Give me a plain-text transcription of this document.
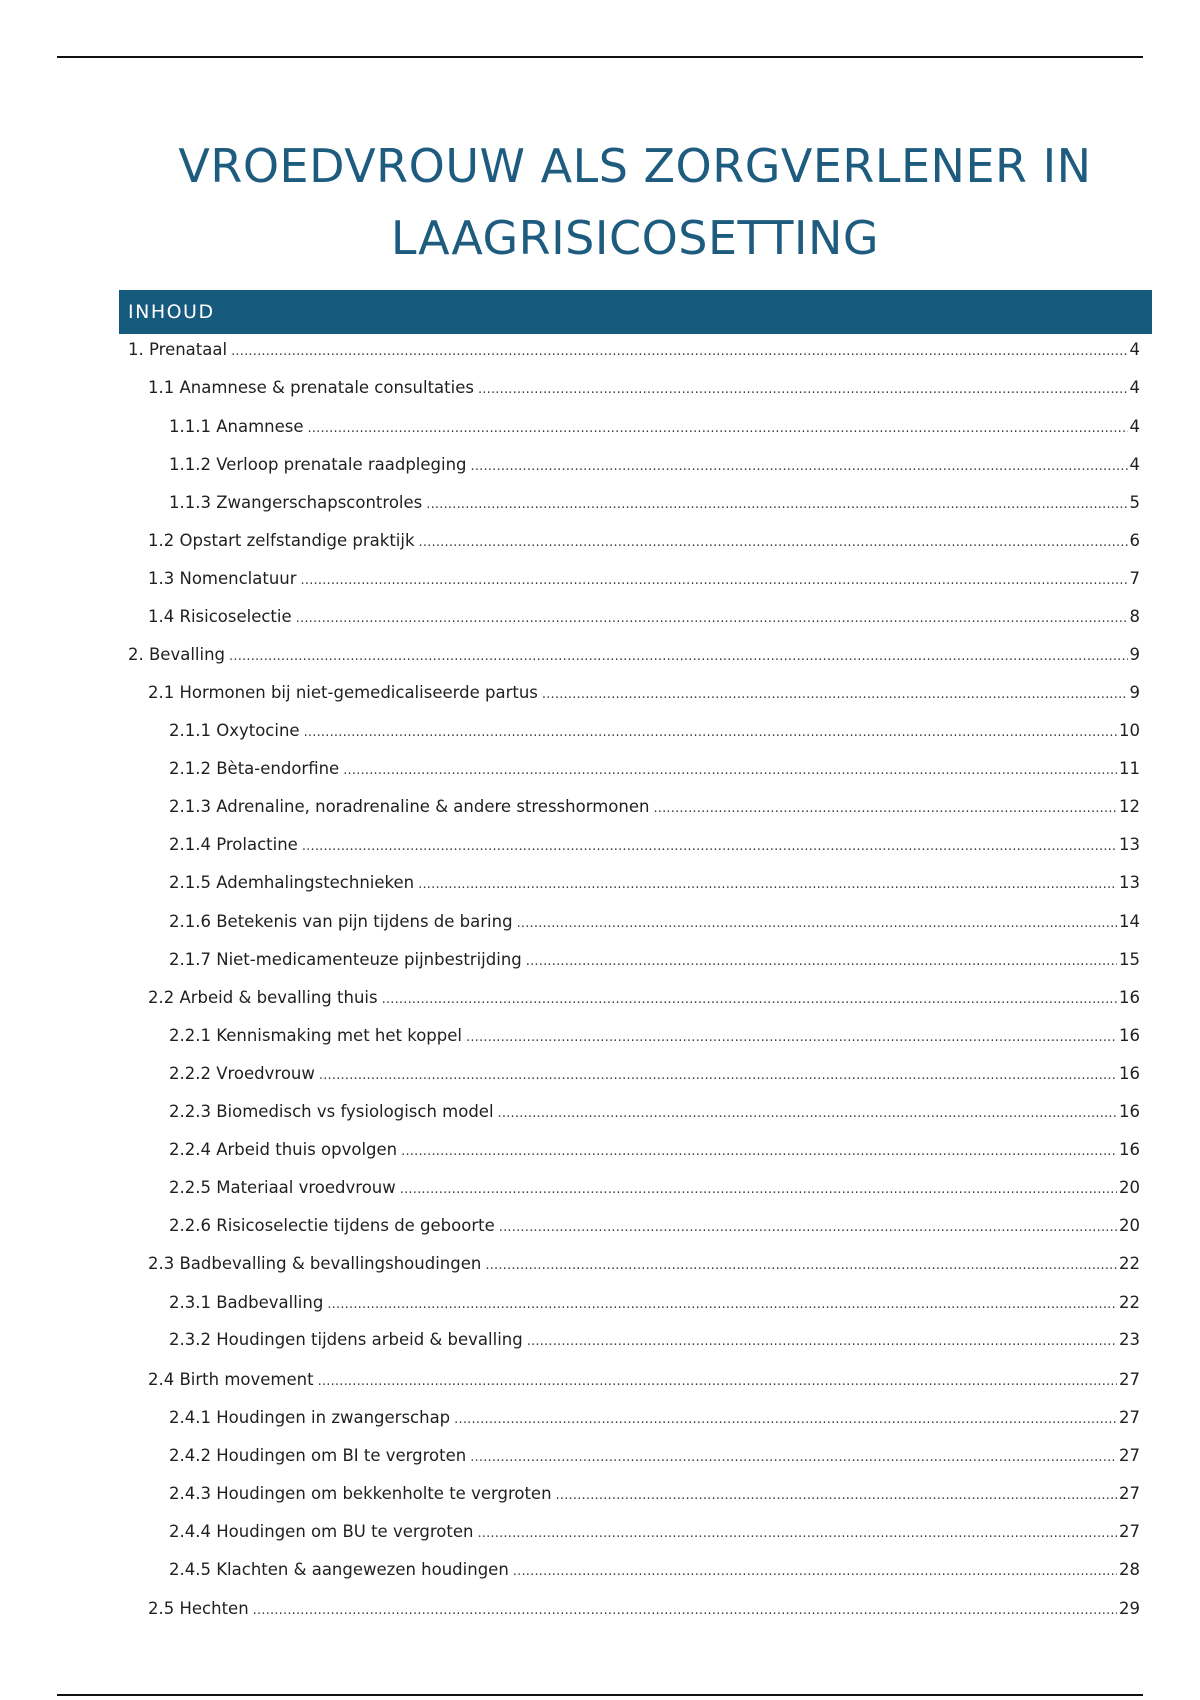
VROEDVROUW ALS ZORGVERLENER IN
LAAGRISICOSETTING
INHOUD
1. Prenataal .....	4
1.1 Anamnese & prenatale consultaties .....	4
1.1.1 Anamnese .....	4
1.1.2 Verloop prenatale raadpleging .....	4
1.1.3 Zwangerschapscontroles .....	5
1.2 Opstart zelfstandige praktijk .....	6
1.3 Nomenclatuur .....	7
1.4 Risicoselectie .....	8
2. Bevalling .....	9
2.1 Hormonen bij niet-gemedicaliseerde partus .....	9
2.1.1 Oxytocine .....	10
2.1.2 Bèta-endorfine .....	11
2.1.3 Adrenaline, noradrenaline & andere stresshormonen .....	12
2.1.4 Prolactine .....	13
2.1.5 Ademhalingstechnieken .....	13
2.1.6 Betekenis van pijn tijdens de baring .....	14
2.1.7 Niet-medicamenteuze pijnbestrijding .....	15
2.2 Arbeid & bevalling thuis .....	16
2.2.1 Kennismaking met het koppel .....	16
2.2.2 Vroedvrouw .....	16
2.2.3 Biomedisch vs fysiologisch model .....	16
2.2.4 Arbeid thuis opvolgen .....	16
2.2.5 Materiaal vroedvrouw .....	20
2.2.6 Risicoselectie tijdens de geboorte .....	20
2.3 Badbevalling & bevallingshoudingen .....	22
2.3.1 Badbevalling .....	22
2.3.2 Houdingen tijdens arbeid & bevalling .....	23
2.4 Birth movement .....	27
2.4.1 Houdingen in zwangerschap .....	27
2.4.2 Houdingen om BI te vergroten .....	27
2.4.3 Houdingen om bekkenholte te vergroten .....	27
2.4.4 Houdingen om BU te vergroten .....	27
2.4.5 Klachten & aangewezen houdingen .....	28
2.5 Hechten .....	29
